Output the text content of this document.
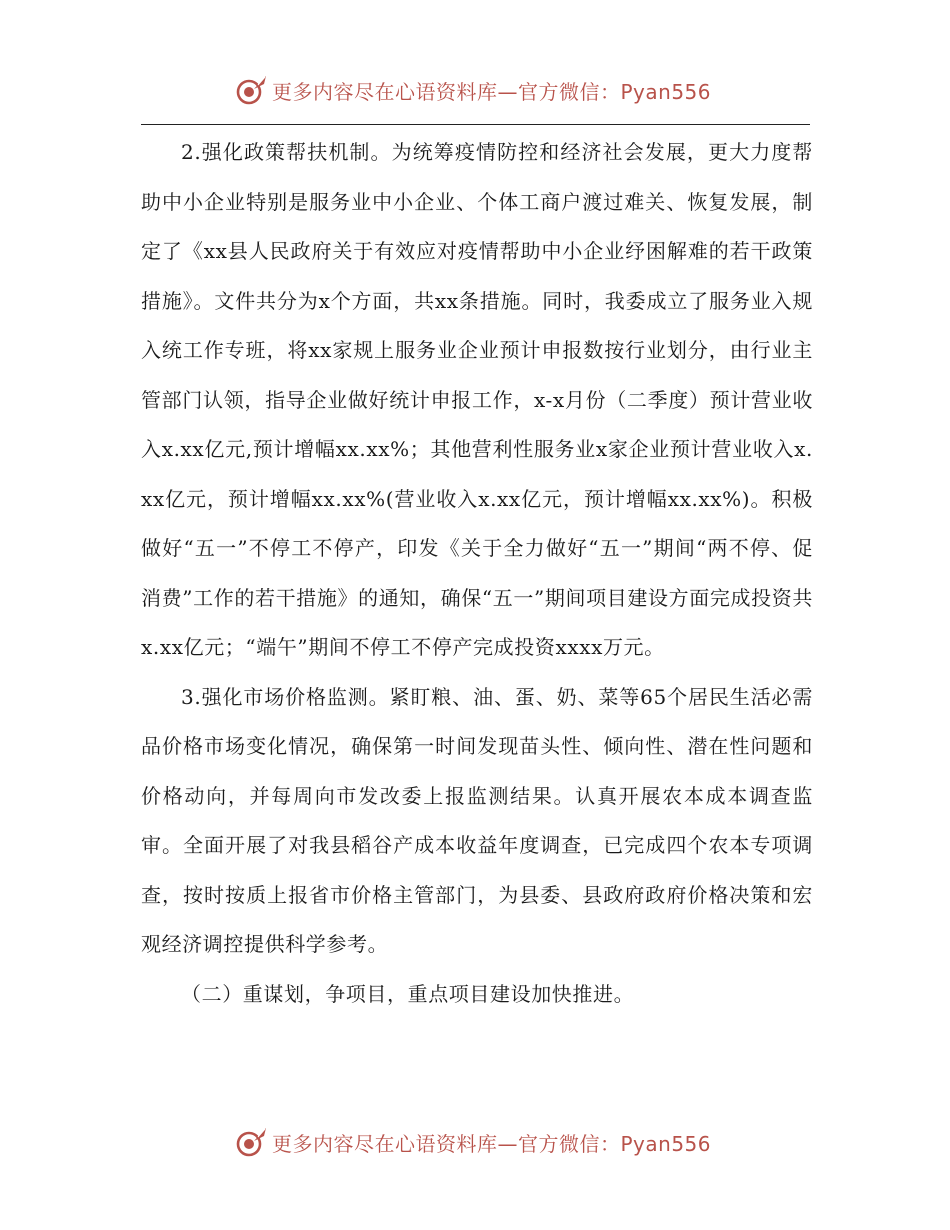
更多内容尽在心语资料库—官方微信：Pyan556

2.强化政策帮扶机制。为统筹疫情防控和经济社会发展，更大力度帮助中小企业特别是服务业中小企业、个体工商户渡过难关、恢复发展，制定了《xx县人民政府关于有效应对疫情帮助中小企业纾困解难的若干政策措施》。文件共分为x个方面，共xx条措施。同时，我委成立了服务业入规入统工作专班，将xx家规上服务业企业预计申报数按行业划分，由行业主管部门认领，指导企业做好统计申报工作，x-x月份（二季度）预计营业收入x.xx亿元,预计增幅xx.xx%；其他营利性服务业x家企业预计营业收入x.xx亿元，预计增幅xx.xx%(营业收入x.xx亿元，预计增幅xx.xx%)。积极做好“五一”不停工不停产，印发《关于全力做好“五一”期间“两不停、促消费”工作的若干措施》的通知，确保“五一”期间项目建设方面完成投资共x.xx亿元；“端午”期间不停工不停产完成投资xxxx万元。

3.强化市场价格监测。紧盯粮、油、蛋、奶、菜等65个居民生活必需品价格市场变化情况，确保第一时间发现苗头性、倾向性、潜在性问题和价格动向，并每周向市发改委上报监测结果。认真开展农本成本调查监审。全面开展了对我县稻谷产成本收益年度调查，已完成四个农本专项调查，按时按质上报省市价格主管部门，为县委、县政府政府价格决策和宏观经济调控提供科学参考。

（二）重谋划，争项目，重点项目建设加快推进。

更多内容尽在心语资料库—官方微信：Pyan556
